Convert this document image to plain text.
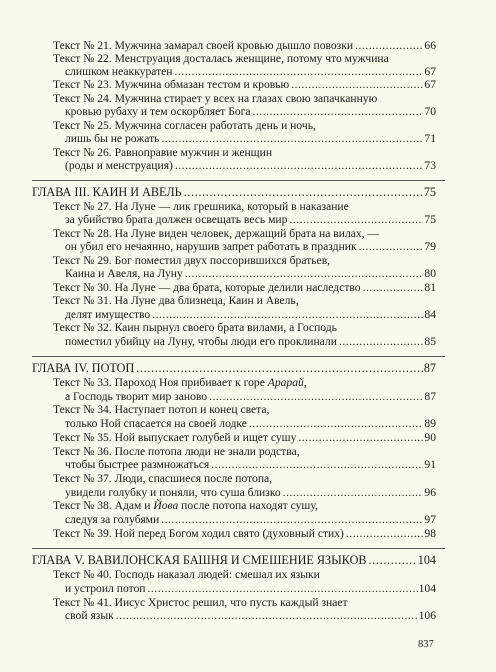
Текст № 21. Мужчина замарал своей кровью дышло повозки . . .	66
Текст № 22. Менструация досталась женщине, потому что мужчина
слишком неаккуратен . . .	67
Текст № 23. Мужчина обмазан тестом и кровью . . .	67
Текст № 24. Мужчина стирает у всех на глазах свою запачканную
кровью рубаху и тем оскорбляет Бога . . .	70
Текст № 25. Мужчина согласен работать день и ночь,
лишь бы не рожать . . .	71
Текст № 26. Равноправие мужчин и женщин
(роды и менструация) . . .	73
ГЛАВА III. КАИН И АВЕЛЬ . . .	75
Текст № 27. На Луне — лик грешника, который в наказание
за убийство брата должен освещать весь мир . . .	75
Текст № 28. На Луне виден человек, держащий брата на вилах, —
он убил его нечаянно, нарушив запрет работать в праздник . . .	79
Текст № 29. Бог поместил двух поссорившихся братьев,
Каина и Авеля, на Луну . . .	80
Текст № 30. На Луне — два брата, которые делили наследство . . .	81
Текст № 31. На Луне два близнеца, Каин и Авель,
делят имущество . . .	84
Текст № 32. Каин пырнул своего брата вилами, а Господь
поместил убийцу на Луну, чтобы люди его проклинали . . .	85
ГЛАВА IV. ПОТОП . . .	87
Текст № 33. Пароход Ноя прибивает к горе Арарай,
а Господь творит мир заново . . .	87
Текст № 34. Наступает потоп и конец света,
только Ной спасается на своей лодке . . .	89
Текст № 35. Ной выпускает голубей и ищет сушу . . .	90
Текст № 36. После потопа люди не знали родства,
чтобы быстрее размножаться . . .	91
Текст № 37. Люди, спасшиеся после потопа,
увидели голубку и поняли, что суша близко . . .	96
Текст № 38. Адам и Йова после потопа находят сушу,
следуя за голубями . . .	97
Текст № 39. Ной перед Богом ходил свято (духовный стих) . . .	98
ГЛАВА V. ВАВИЛОНСКАЯ БАШНЯ И СМЕШЕНИЕ ЯЗЫКОВ . . .	104
Текст № 40. Господь наказал людей: смешал их языки
и устроил потоп . . .	104
Текст № 41. Иисус Христос решил, что пусть каждый знает
свой язык . . .	106
837
